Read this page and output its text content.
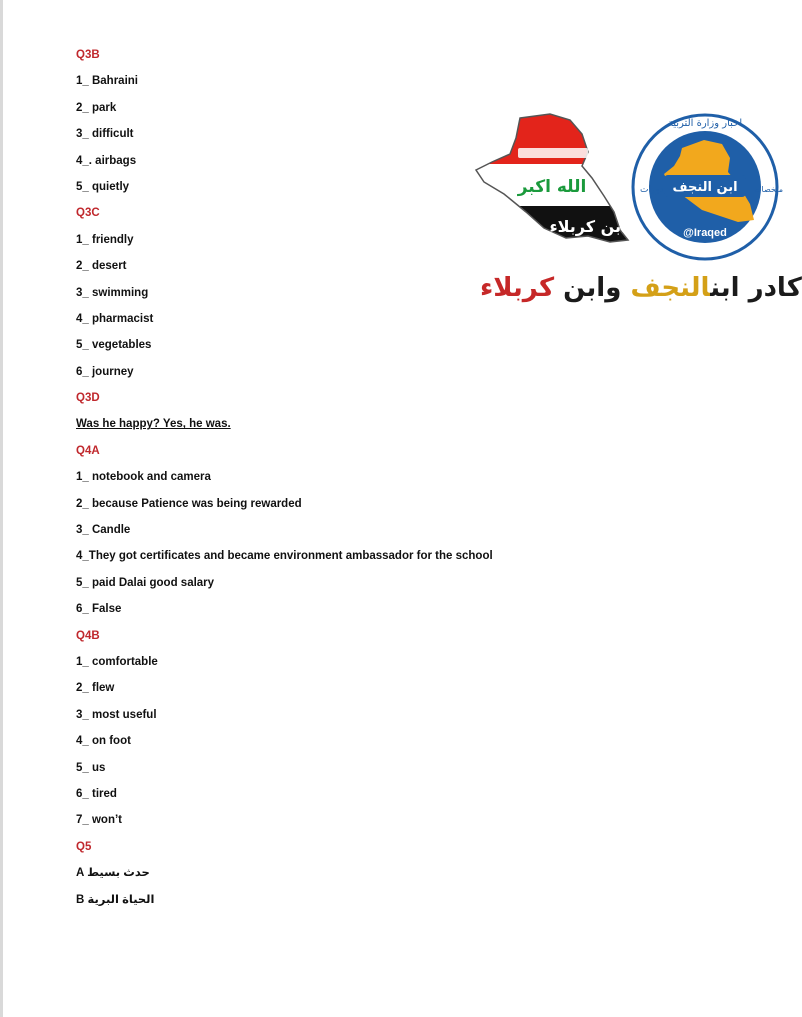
Q3B
1_ Bahraini
2_ park
3_ difficult
4_. airbags
5_ quietly
Q3C
1_ friendly
2_ desert
3_ swimming
4_ pharmacist
5_ vegetables
6_ journey
Q3D
Was he happy? Yes, he was.
Q4A
1_ notebook and camera
2_ because Patience was being rewarded
3_ Candle
4_They got certificates and became environment ambassador for the school
5_ paid Dalai good salary
6_ False
Q4B
1_ comfortable
2_ flew
3_ most useful
4_ on foot
5_ us
6_ tired
7_ won’t
Q5
A حدث بسيط
B الحياة البرية
الله اكبر
ابن كربلاء
ابن النجف
اخبار وزارة التربية
دورات	ملخصات
@Iraqed
كادر ابنالنجف وابن كربلاء
